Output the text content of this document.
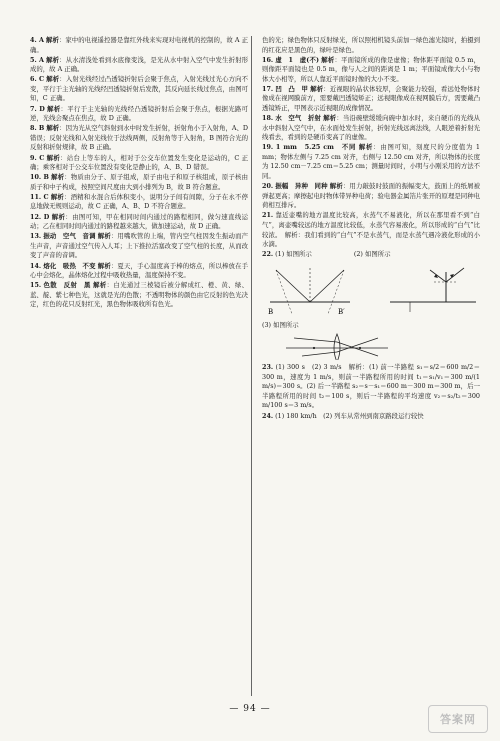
4. A 解析：家中的电视遥控器是靠红外线来实现对电视机的控制的，故 A 正确。
5. A 解析：从水清浅处看到水底像变浅，是光从水中射入空气中发生折射形成的，故 A 正确。
6. C 解析：入射光线经过凸透镜折射后会聚于焦点，入射光线过光心方向不变，平行于主光轴的光线经凹透镜折射后发散，其反向延长线过焦点，由图可知，C 正确。
7. D 解析：平行于主光轴的光线经凸透镜折射后会聚于焦点，根据光路可逆，光线会聚点在焦点，故 D 正确。
8. B 解析：因为光从空气斜射到水中时发生折射，折射角小于入射角，A、D 错误；反射光线和入射光线位于法线两侧，反射角等于入射角，B 图符合光的反射和折射规律，故 B 正确。
9. C 解析：站台上等车的人，相对于公交车位置发生变化是运动的，C 正确；乘客相对于公交车位置没有变化是静止的，A、B、D 错误。
10. B 解析：物质由分子、原子组成，原子由电子和原子核组成，原子核由质子和中子构成，按照空间尺度由大到小排列为 B，故 B 符合题意。
11. C 解析：酒精和水混合后体积变小，说明分子间有间隙，分子在永不停息地做无规则运动，故 C 正确，A、B、D 不符合题意。
12. D 解析：由图可知，甲在相同时间内通过的路程相同，做匀速直线运动；乙在相同时间内通过的路程越来越大，做加速运动，故 D 正确。
13. 振动　空气　音调 解析：用嘴吹管的上端，管内空气柱因发生振动而产生声音，声音通过空气传入人耳；上下推拉活塞改变了空气柱的长度，从而改变了声音的音调。
14. 熔化　吸热　不变 解析：夏天，手心温度高于棒的熔点，所以棒放在手心中会熔化，晶体熔化过程中吸收热量，温度保持不变。
15. 色散　反射　黑 解析：白光通过三棱镜后被分解成红、橙、黄、绿、蓝、靛、紫七种色光，这就是光的色散；不透明物体的颜色由它反射的色光决定，红色的花只反射红光，黑色物体吸收所有色光。
色的光；绿色物体只反射绿光，所以照相机镜头前加一绿色滤光镜时，拍摄到的红花应是黑色的，绿叶是绿色。
16. 虚　1　虚(不) 解析：平面镜所成的像是虚像；物体距平面镜 0.5 m，则像距平面镜也是 0.5 m，像与人之间的距离是 1 m；平面镜成像大小与物体大小相等，所以人靠近平面镜时像的大小不变。
17. 凹　凸　甲 解析：近视眼的晶状体较厚，会聚能力较强，看远处物体时像成在视网膜前方，需要戴凹透镜矫正；远视眼像成在视网膜后方，需要戴凸透镜矫正，甲图表示近视眼的成像情况。
18. 水　空气　折射 解析：当沿碗壁缓缓向碗中加水时，来自硬币的光线从水中斜射入空气中，在水面处发生折射，折射光线远离法线，人眼逆着折射光线看去，看到的是硬币变高了的虚像。
19. 1 mm　5.25 cm　不同 解析：由图可知，刻度尺的分度值为 1 mm；物体左侧与 7.25 cm 对齐，右侧与 12.50 cm 对齐，所以物体的长度为 12.50 cm－7.25 cm＝5.25 cm；测量时间时，小明与小刚采用的方法不同。
20. 振幅　异种　同种 解析：用力敲鼓时鼓面的振幅变大，鼓面上的纸屑被弹起更高；摩擦起电时物体带异种电荷；验电器金属箔片张开的原理是同种电荷相互排斥。
21. 靠近壶嘴的地方温度比较高，水蒸气不易液化，所以在那里看不到“白气”，离壶嘴较远的地方温度比较低，水蒸气容易液化，所以形成的“白气”比较浓。　解析：我们看到的“白气”不是水蒸气，而是水蒸气遇冷液化形成的小水滴。
22. (1) 如图所示	(2) 如图所示
B	B′
(3) 如图所示
23. (1) 300 s　(2) 3 m/s　解析：(1) 前一半路程 s₁＝s/2＝600 m/2＝300 m，速度为 1 m/s，则前一半路程所用的时间 t₁＝s₁/v₁＝300 m/(1 m/s)＝300 s。(2) 后一半路程 s₂＝s－s₁＝600 m－300 m＝300 m，后一半路程所用的时间 t₂＝100 s，则后一半路程的平均速度 v₂＝s₂/t₂＝300 m/100 s＝3 m/s。
24. (1) 180 km/h　(2) 列车从常州到南京路段运行较快
— 94 —
答案网
